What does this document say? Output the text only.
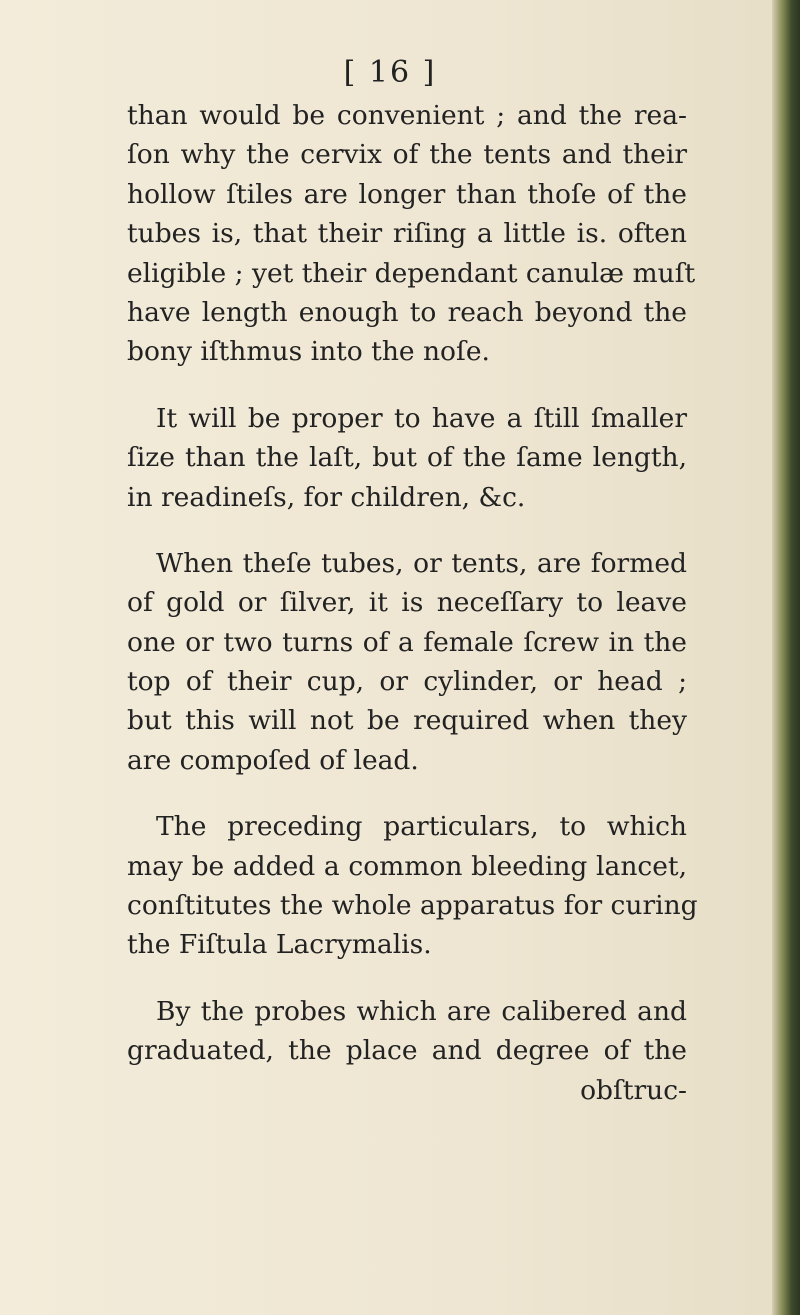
[ 16 ]
than would be convenient ; and the rea-
ſon why the cervix of the tents and their
hollow ſtiles are longer than thoſe of the
tubes is, that their riſing a little is. often
eligible ; yet their dependant canulæ muſt
have length enough to reach beyond the
bony iſthmus into the noſe.
It will be proper to have a ſtill ſmaller
ſize than the laſt, but of the ſame length,
in readineſs, for children, &c.
When theſe tubes, or tents, are formed
of gold or ſilver, it is neceſſary to leave
one or two turns of a female ſcrew in the
top of their cup, or cylinder, or head ;
but this will not be required when they
are compoſed of lead.
The preceding particulars, to which
may be added a common bleeding lancet,
conſtitutes the whole apparatus for curing
the Fiſtula Lacrymalis.
By the probes which are calibered and
graduated, the place and degree of the
obſtruc-
